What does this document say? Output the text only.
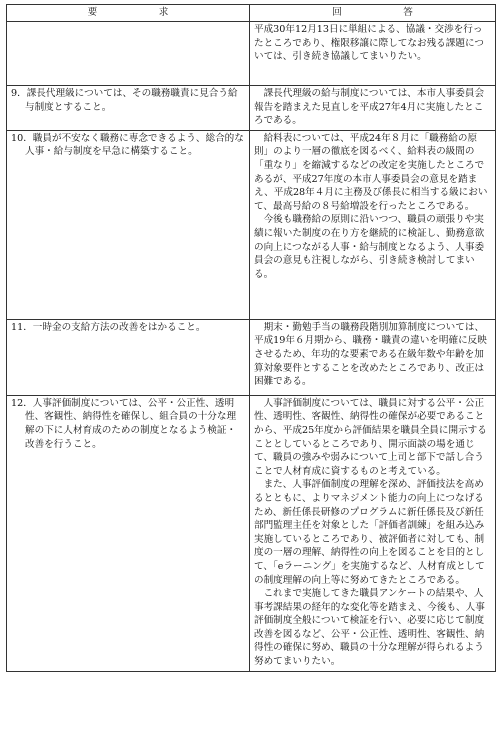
要　求	回　答

	平成30年12月13日に単組による、協議・交渉を行ったところであり、権限移譲に際してなお残る課題については、引き続き協議してまいりたい。

9．課長代理級については、その職務職責に見合う給与制度とすること。	課長代理級の給与制度については、本市人事委員会報告を踏まえた見直しを平成27年4月に実施したところである。

10．職員が不安なく職務に専念できるよう、総合的な人事・給与制度を早急に構築すること。	給料表については、平成24年８月に「職務給の原則」のより一層の徹底を図るべく、給料表の級間の「重なり」を縮減するなどの改定を実施したところであるが、平成27年度の本市人事委員会の意見を踏まえ、平成28年４月に主務及び係長に相当する級において、最高号給の８号給増設を行ったところである。

今後も職務給の原則に沿いつつ、職員の頑張りや実績に報いた制度の在り方を継続的に検証し、勤務意欲の向上につながる人事・給与制度となるよう、人事委員会の意見も注視しながら、引き続き検討してまいる。

11．一時金の支給方法の改善をはかること。	期末・勤勉手当の職務段階別加算制度については、平成19年６月期から、職務・職責の違いを明確に反映させるため、年功的な要素である在級年数や年齢を加算対象要件とすることを改めたところであり、改正は困難である。

12．人事評価制度については、公平・公正性、透明性、客観性、納得性を確保し、組合員の十分な理解の下に人材育成のための制度となるよう検証・改善を行うこと。	人事評価制度については、職員に対する公平・公正性、透明性、客観性、納得性の確保が必要であることから、平成25年度から評価結果を職員全員に開示することとしているところであり、開示面談の場を通じて、職員の強みや弱みについて上司と部下で話し合うことで人材育成に資するものと考えている。

また、人事評価制度の理解を深め、評価技法を高めるとともに、よりマネジメント能力の向上につなげるため、新任係長研修のプログラムに新任係長及び新任部門監理主任を対象とした「評価者訓練」を組み込み実施しているところであり、被評価者に対しても、制度の一層の理解、納得性の向上を図ることを目的として、「eラーニング」を実施するなど、人材育成としての制度理解の向上等に努めてきたところである。

これまで実施してきた職員アンケートの結果や、人事考課結果の経年的な変化等を踏まえ、今後も、人事評価制度全般について検証を行い、必要に応じて制度改善を図るなど、公平・公正性、透明性、客観性、納得性の確保に努め、職員の十分な理解が得られるよう努めてまいりたい。
